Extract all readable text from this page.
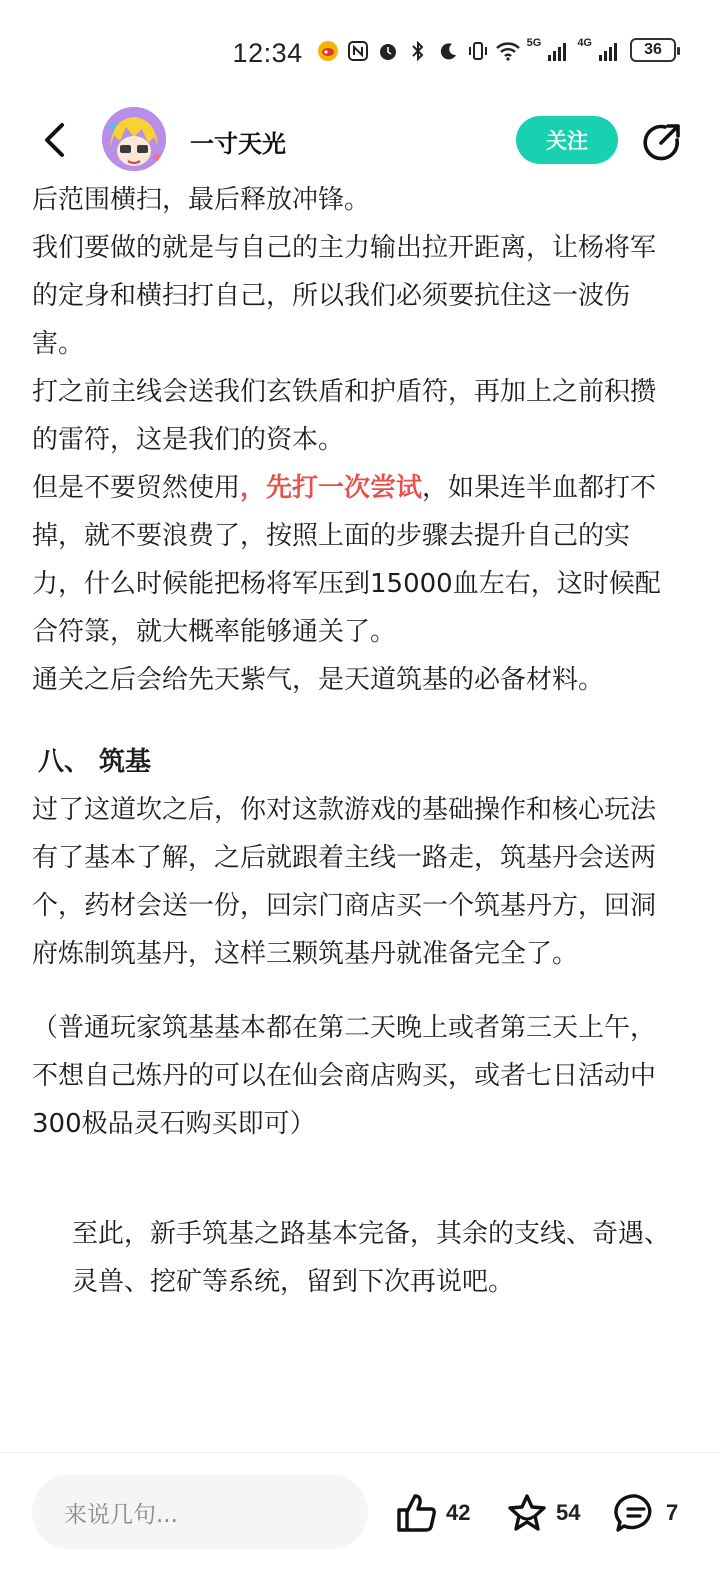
12:34	5G	4G	36
一寸天光	关注

后范围横扫，最后释放冲锋。

我们要做的就是与自己的主力输出拉开距离，让杨将军的定身和横扫打自己，所以我们必须要抗住这一波伤害。

打之前主线会送我们玄铁盾和护盾符，再加上之前积攒的雷符，这是我们的资本。

但是不要贸然使用，先打一次尝试，如果连半血都打不掉，就不要浪费了，按照上面的步骤去提升自己的实力，什么时候能把杨将军压到15000血左右，这时候配合符箓，就大概率能够通关了。

通关之后会给先天紫气，是天道筑基的必备材料。

八、 筑基

过了这道坎之后，你对这款游戏的基础操作和核心玩法有了基本了解，之后就跟着主线一路走，筑基丹会送两个，药材会送一份，回宗门商店买一个筑基丹方，回洞府炼制筑基丹，这样三颗筑基丹就准备完全了。

（普通玩家筑基基本都在第二天晚上或者第三天上午，不想自己炼丹的可以在仙会商店购买，或者七日活动中300极品灵石购买即可）

至此，新手筑基之路基本完备，其余的支线、奇遇、灵兽、挖矿等系统，留到下次再说吧。

来说几句...	42	54	7
